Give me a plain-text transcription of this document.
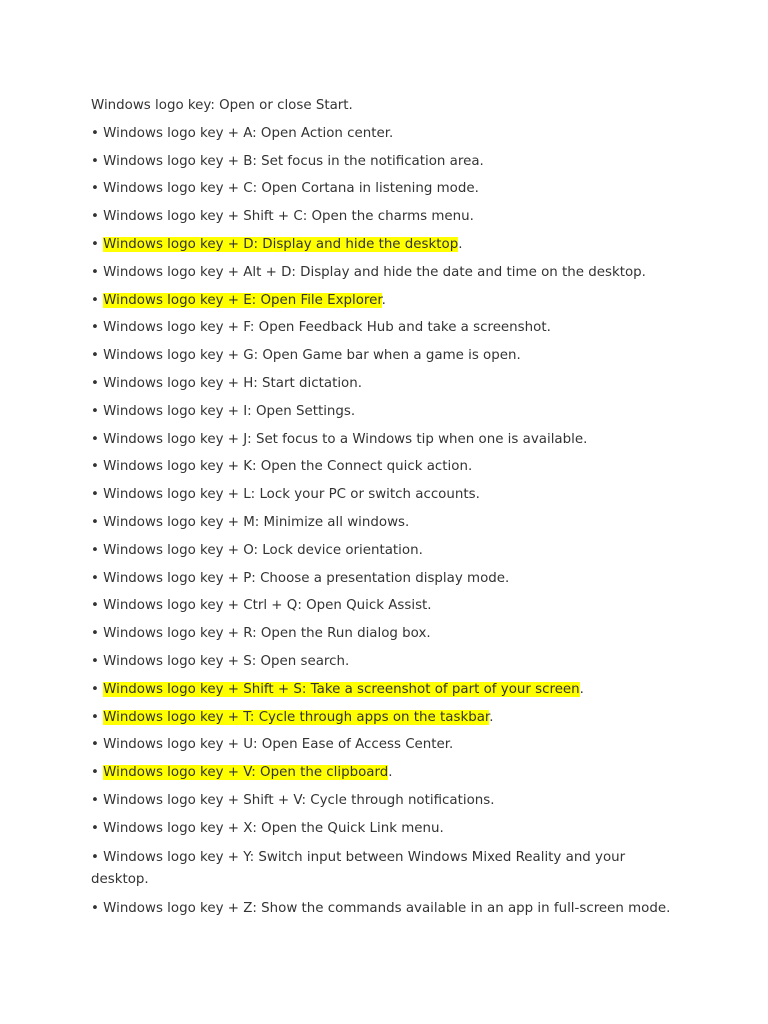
Windows logo key: Open or close Start.
• Windows logo key + A: Open Action center.
• Windows logo key + B: Set focus in the notification area.
• Windows logo key + C: Open Cortana in listening mode.
• Windows logo key + Shift + C: Open the charms menu.
• Windows logo key + D: Display and hide the desktop.
• Windows logo key + Alt + D: Display and hide the date and time on the desktop.
• Windows logo key + E: Open File Explorer.
• Windows logo key + F: Open Feedback Hub and take a screenshot.
• Windows logo key + G: Open Game bar when a game is open.
• Windows logo key + H: Start dictation.
• Windows logo key + I: Open Settings.
• Windows logo key + J: Set focus to a Windows tip when one is available.
• Windows logo key + K: Open the Connect quick action.
• Windows logo key + L: Lock your PC or switch accounts.
• Windows logo key + M: Minimize all windows.
• Windows logo key + O: Lock device orientation.
• Windows logo key + P: Choose a presentation display mode.
• Windows logo key + Ctrl + Q: Open Quick Assist.
• Windows logo key + R: Open the Run dialog box.
• Windows logo key + S: Open search.
• Windows logo key + Shift + S: Take a screenshot of part of your screen.
• Windows logo key + T: Cycle through apps on the taskbar.
• Windows logo key + U: Open Ease of Access Center.
• Windows logo key + V: Open the clipboard.
• Windows logo key + Shift + V: Cycle through notifications.
• Windows logo key + X: Open the Quick Link menu.
• Windows logo key + Y: Switch input between Windows Mixed Reality and your desktop.
• Windows logo key + Z: Show the commands available in an app in full-screen mode.
